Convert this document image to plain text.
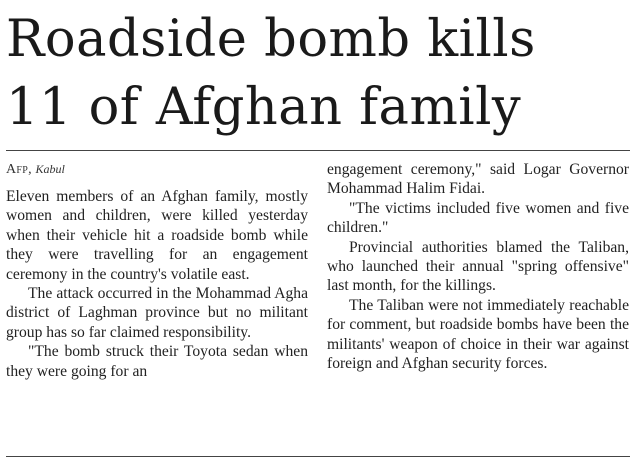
Roadside bomb kills
11 of Afghan family
Afp, Kabul

Eleven members of an Afghan family, mostly women and children, were killed yesterday when their vehicle hit a roadside bomb while they were travelling for an engagement ceremony in the country's volatile east.

The attack occurred in the Mohammad Agha district of Laghman province but no militant group has so far claimed responsibility.

"The bomb struck their Toyota sedan when they were going for an

engagement ceremony," said Logar Governor Mohammad Halim Fidai.

"The victims included five women and five children."

Provincial authorities blamed the Taliban, who launched their annual "spring offensive" last month, for the killings.

The Taliban were not immediately reachable for comment, but roadside bombs have been the militants' weapon of choice in their war against foreign and Afghan security forces.
